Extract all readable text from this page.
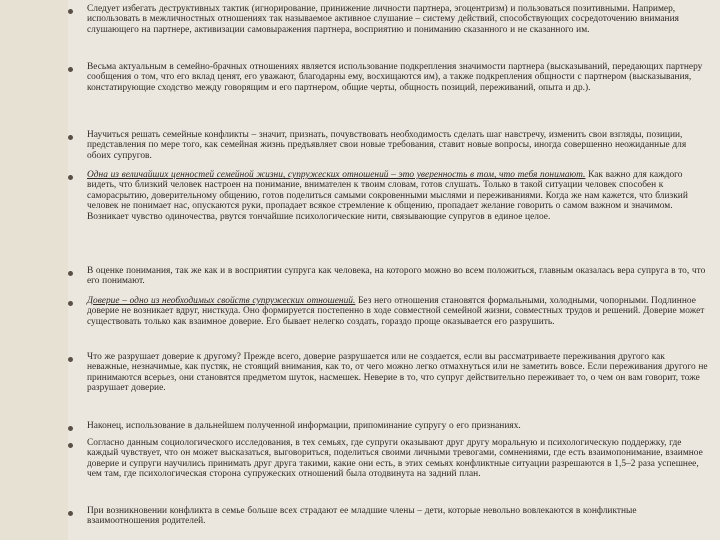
Следует избегать деструктивных тактик (игнорирование, принижение личности партнера, эгоцентризм) и пользоваться позитивными. Например, использовать в межличностных отношениях так называемое активное слушание – систему действий, способствующих сосредоточению внимания слушающего на партнере, активизации самовыражения партнера, восприятию и пониманию сказанного и не сказанного им.
Весьма актуальным в семейно-брачных отношениях является использование подкрепления значимости партнера (высказываний, передающих партнеру сообщения о том, что его вклад ценят, его уважают, благодарны ему, восхищаются им), а также подкрепления общности с партнером (высказывания, констатирующие сходство между говорящим и его партнером, общие черты, общность позиций, переживаний, опыта и др.).
Научиться решать семейные конфликты – значит, признать, почувствовать необходимость сделать шаг навстречу, изменить свои взгляды, позиции, представления по мере того, как семейная жизнь предъявляет свои новые требования, ставит новые вопросы, иногда совершенно неожиданные для обоих супругов.
Одна из величайших ценностей семейной жизни, супружеских отношений – это уверенность в том, что тебя понимают. Как важно для каждого видеть, что близкий человек настроен на понимание, внимателен к твоим словам, готов слушать. Только в такой ситуации человек способен к саморасрытию, доверительному общению, готов поделиться самыми сокровенными мыслями и переживаниями. Когда же нам кажется, что близкий человек не понимает нас, опускаются руки, пропадает всякое стремление к общению, пропадает желание говорить о самом важном и значимом. Возникает чувство одиночества, рвутся тончайшие психологические нити, связывающие супругов в единое целое.
В оценке понимания, так же как и в восприятии супруга как человека, на которого можно во всем положиться, главным оказалась вера супруга в то, что его понимают.
Доверие – одно из необходимых свойств супружеских отношений. Без него отношения становятся формальными, холодными, чопорными. Подлинное доверие не возникает вдруг, нисткуда. Оно формируется постепенно в ходе совместной семейной жизни, совместных трудов и решений. Доверие может существовать только как взаимное доверие. Его бывает нелегко создать, гораздо проще оказывается его разрушить.
Что же разрушает доверие к другому? Прежде всего, доверие разрушается или не создается, если вы рассматриваете переживания другого как неважные, незначимые, как пустяк, не стоящий внимания, как то, от чего можно легко отмахнуться или не заметить вовсе. Если переживания другого не принимаются всерьез, они становятся предметом шуток, насмешек. Неверие в то, что супруг действительно переживает то, о чем он вам говорит, тоже разрушает доверие.
Наконец, использование в дальнейшем полученной информации, припоминание супругу о его признаниях.
Согласно данным социологического исследования, в тех семьях, где супруги оказывают друг другу моральную и психологическую поддержку, где каждый чувствует, что он может высказаться, выговориться, поделиться своими личными тревогами, сомнениями, где есть взаимопонимание, взаимное доверие и супруги научились принимать друг друга такими, какие они есть, в этих семьях конфликтные ситуации разрешаются в 1,5–2 раза успешнее, чем там, где психологическая сторона супружеских отношений была отодвинута на задний план.
При возникновении конфликта в семье больше всех страдают ее младшие члены – дети, которые невольно вовлекаются в конфликтные взаимоотношения родителей.
